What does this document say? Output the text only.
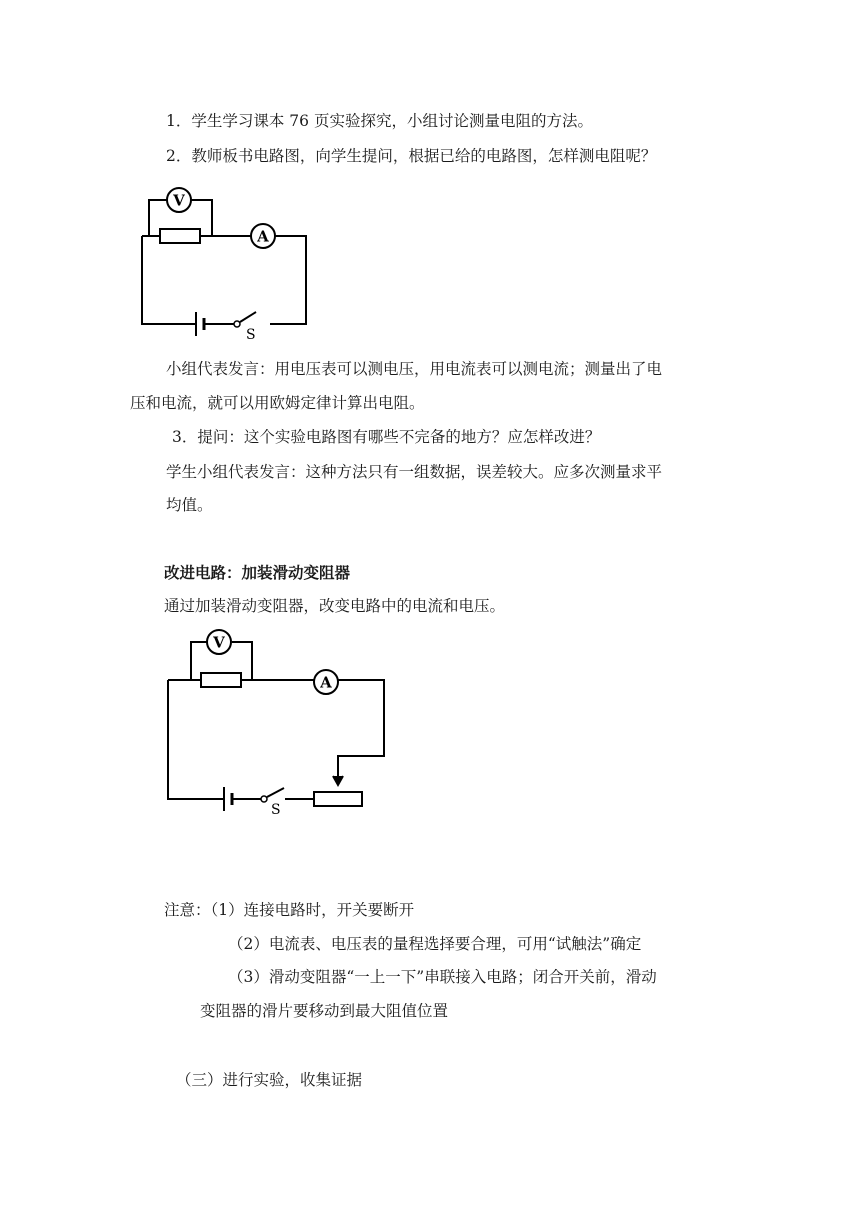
1．学生学习课本 76 页实验探究，小组讨论测量电阻的方法。

2．教师板书电路图，向学生提问，根据已给的电路图，怎样测电阻呢？

V
A
S

小组代表发言：用电压表可以测电压，用电流表可以测电流；测量出了电

压和电流，就可以用欧姆定律计算出电阻。

3．提问：这个实验电路图有哪些不完备的地方？应怎样改进？

学生小组代表发言：这种方法只有一组数据，误差较大。应多次测量求平

均值。

改进电路：加装滑动变阻器

通过加装滑动变阻器，改变电路中的电流和电压。

V
A
S

注意：（1）连接电路时，开关要断开

（2）电流表、电压表的量程选择要合理，可用“试触法”确定

（3）滑动变阻器“一上一下”串联接入电路；闭合开关前，滑动

变阻器的滑片要移动到最大阻值位置

（三）进行实验，收集证据
